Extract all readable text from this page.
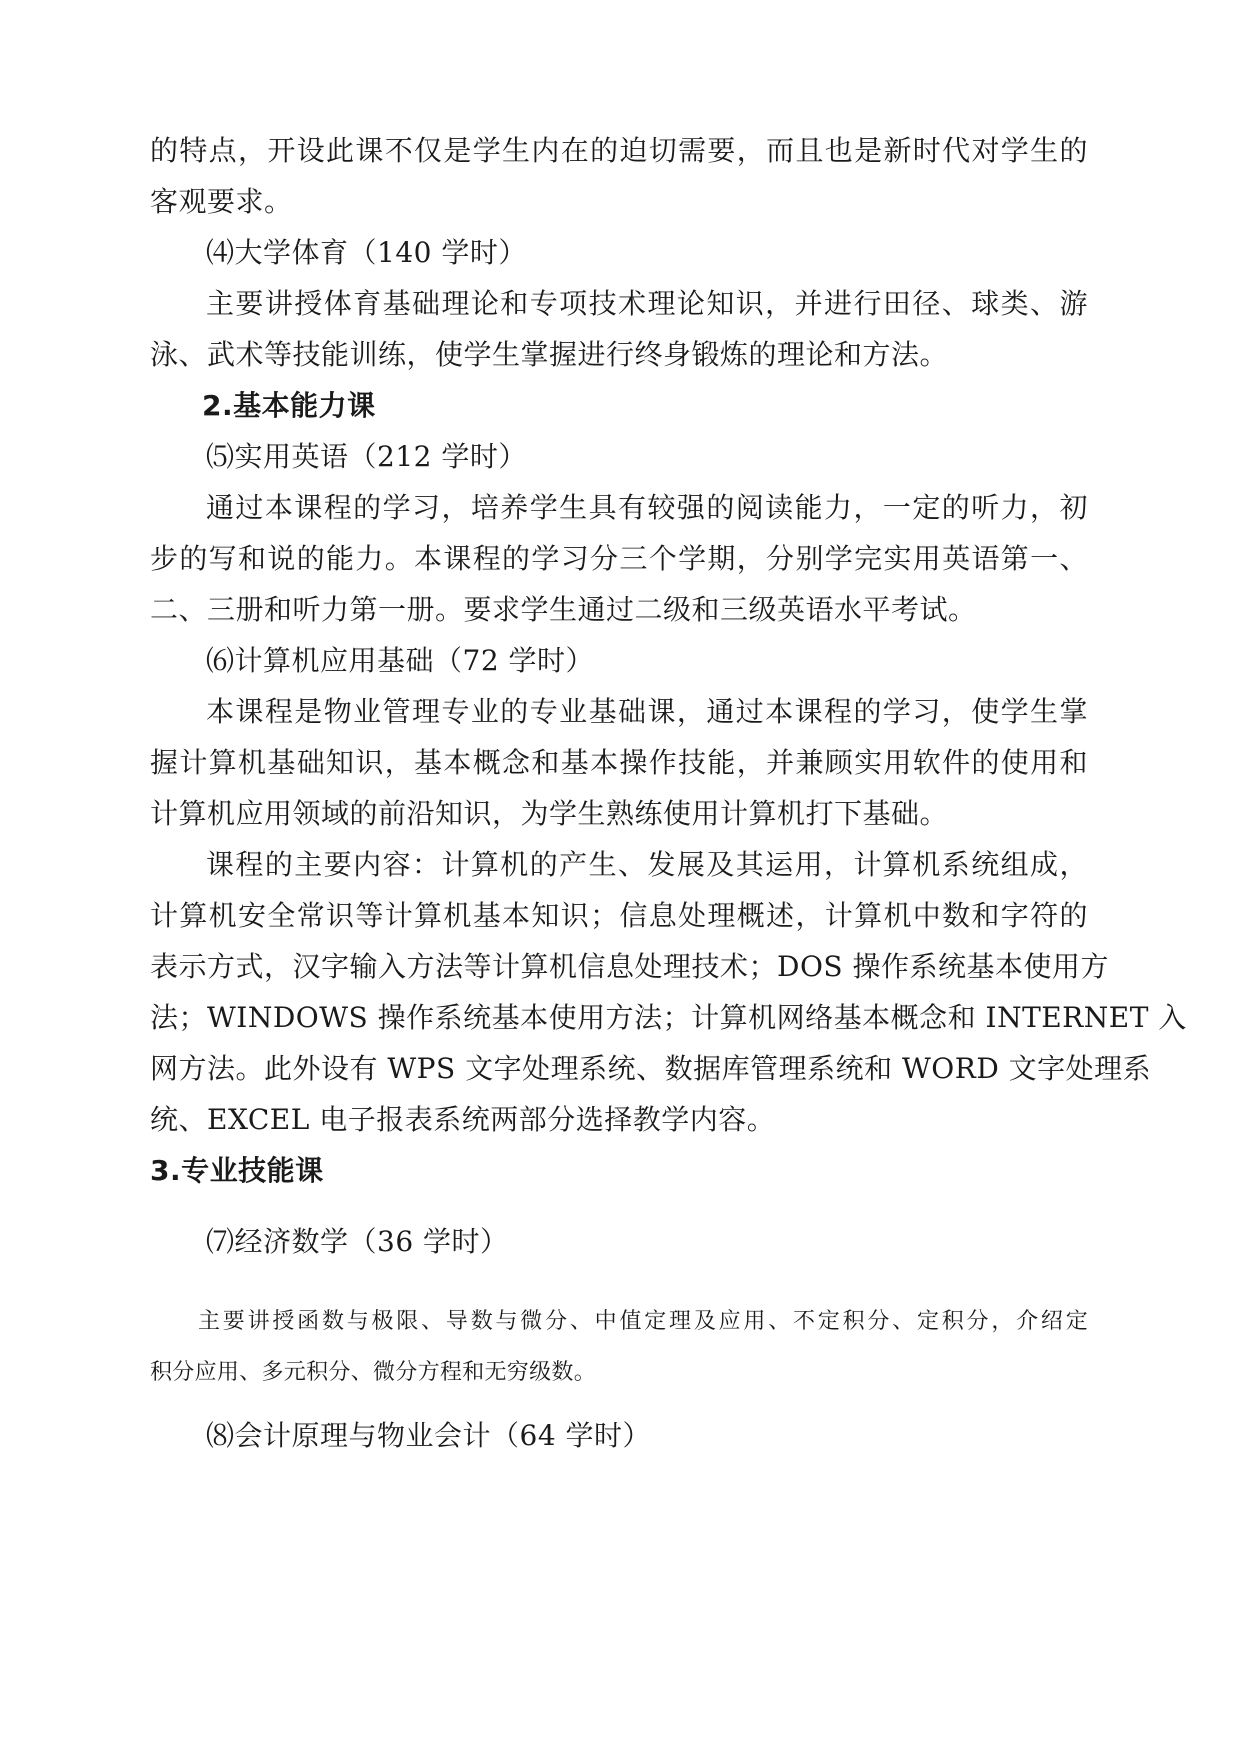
的特点，开设此课不仅是学生内在的迫切需要，而且也是新时代对学生的
客观要求。
⑷大学体育（140 学时）
主要讲授体育基础理论和专项技术理论知识，并进行田径、球类、游
泳、武术等技能训练，使学生掌握进行终身锻炼的理论和方法。
2.基本能力课
⑸实用英语（212 学时）
通过本课程的学习，培养学生具有较强的阅读能力，一定的听力，初
步的写和说的能力。本课程的学习分三个学期，分别学完实用英语第一、
二、三册和听力第一册。要求学生通过二级和三级英语水平考试。
⑹计算机应用基础（72 学时）
本课程是物业管理专业的专业基础课，通过本课程的学习，使学生掌
握计算机基础知识，基本概念和基本操作技能，并兼顾实用软件的使用和
计算机应用领域的前沿知识，为学生熟练使用计算机打下基础。
课程的主要内容：计算机的产生、发展及其运用，计算机系统组成，
计算机安全常识等计算机基本知识；信息处理概述，计算机中数和字符的
表示方式，汉字输入方法等计算机信息处理技术；DOS 操作系统基本使用方
法；WINDOWS 操作系统基本使用方法；计算机网络基本概念和 INTERNET 入
网方法。此外设有 WPS 文字处理系统、数据库管理系统和 WORD 文字处理系
统、EXCEL 电子报表系统两部分选择教学内容。
3.专业技能课
⑺经济数学（36 学时）
主要讲授函数与极限、导数与微分、中值定理及应用、不定积分、定积分，介绍定
积分应用、多元积分、微分方程和无穷级数。
⑻会计原理与物业会计（64 学时）
